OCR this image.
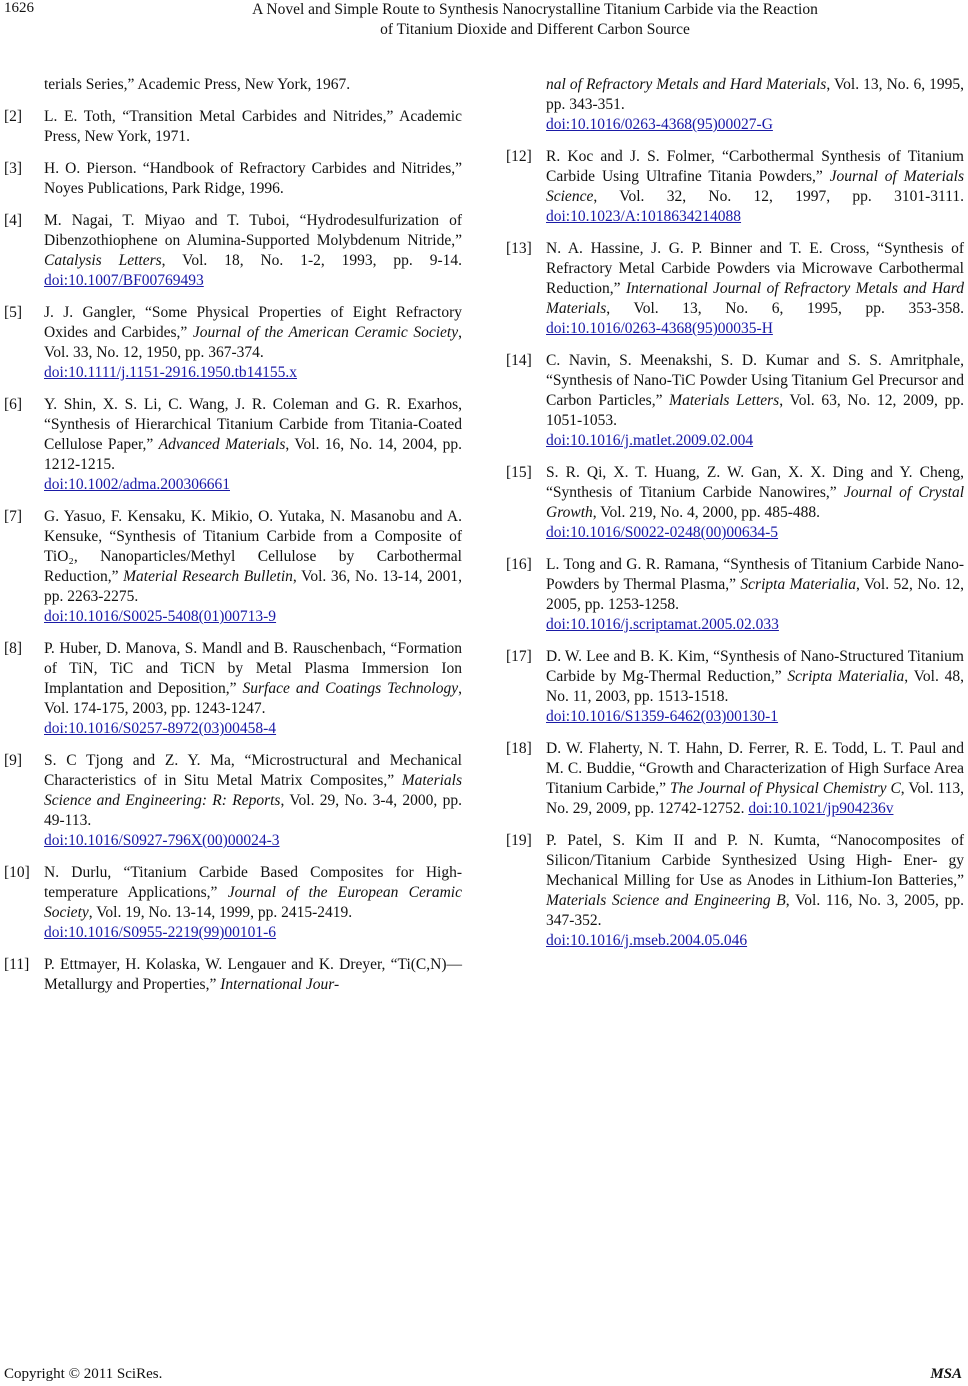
1626	A Novel and Simple Route to Synthesis Nanocrystalline Titanium Carbide via the Reaction
of Titanium Dioxide and Different Carbon Source
terials Series,” Academic Press, New York, 1967.
[2] L. E. Toth, “Transition Metal Carbides and Nitrides,” Academic Press, New York, 1971.
[3] H. O. Pierson. “Handbook of Refractory Carbides and Nitrides,” Noyes Publications, Park Ridge, 1996.
[4] M. Nagai, T. Miyao and T. Tuboi, “Hydrodesulfurization of Dibenzothiophene on Alumina-Supported Molybdenum Nitride,” Catalysis Letters, Vol. 18, No. 1-2, 1993, pp. 9-14. doi:10.1007/BF00769493
[5] J. J. Gangler, “Some Physical Properties of Eight Refractory Oxides and Carbides,” Journal of the American Ceramic Society, Vol. 33, No. 12, 1950, pp. 367-374.
doi:10.1111/j.1151-2916.1950.tb14155.x
[6] Y. Shin, X. S. Li, C. Wang, J. R. Coleman and G. R. Exarhos, “Synthesis of Hierarchical Titanium Carbide from Titania-Coated Cellulose Paper,” Advanced Materials, Vol. 16, No. 14, 2004, pp. 1212-1215.
doi:10.1002/adma.200306661
[7] G. Yasuo, F. Kensaku, K. Mikio, O. Yutaka, N. Masanobu and A. Kensuke, “Synthesis of Titanium Carbide from a Composite of TiO₂, Nanoparticles/Methyl Cellulose by Carbothermal Reduction,” Material Research Bulletin, Vol. 36, No. 13-14, 2001, pp. 2263-2275.
doi:10.1016/S0025-5408(01)00713-9
[8] P. Huber, D. Manova, S. Mandl and B. Rauschenbach, “Formation of TiN, TiC and TiCN by Metal Plasma Immersion Ion Implantation and Deposition,” Surface and Coatings Technology, Vol. 174-175, 2003, pp. 1243-1247.
doi:10.1016/S0257-8972(03)00458-4
[9] S. C Tjong and Z. Y. Ma, “Microstructural and Mechanical Characteristics of in Situ Metal Matrix Composites,” Materials Science and Engineering: R: Reports, Vol. 29, No. 3-4, 2000, pp. 49-113.
doi:10.1016/S0927-796X(00)00024-3
[10] N. Durlu, “Titanium Carbide Based Composites for High-temperature Applications,” Journal of the European Ceramic Society, Vol. 19, No. 13-14, 1999, pp. 2415-2419.
doi:10.1016/S0955-2219(99)00101-6
[11] P. Ettmayer, H. Kolaska, W. Lengauer and K. Dreyer, “Ti(C,N)—Metallurgy and Properties,” International Jour-
nal of Refractory Metals and Hard Materials, Vol. 13, No. 6, 1995, pp. 343-351.
doi:10.1016/0263-4368(95)00027-G
[12] R. Koc and J. S. Folmer, “Carbothermal Synthesis of Titanium Carbide Using Ultrafine Titania Powders,” Journal of Materials Science, Vol. 32, No. 12, 1997, pp. 3101-3111. doi:10.1023/A:1018634214088
[13] N. A. Hassine, J. G. P. Binner and T. E. Cross, “Synthesis of Refractory Metal Carbide Powders via Microwave Carbothermal Reduction,” International Journal of Refractory Metals and Hard Materials, Vol. 13, No. 6, 1995, pp. 353-358. doi:10.1016/0263-4368(95)00035-H
[14] C. Navin, S. Meenakshi, S. D. Kumar and S. S. Amritphale, “Synthesis of Nano-TiC Powder Using Titanium Gel Precursor and Carbon Particles,” Materials Letters, Vol. 63, No. 12, 2009, pp. 1051-1053.
doi:10.1016/j.matlet.2009.02.004
[15] S. R. Qi, X. T. Huang, Z. W. Gan, X. X. Ding and Y. Cheng, “Synthesis of Titanium Carbide Nanowires,” Journal of Crystal Growth, Vol. 219, No. 4, 2000, pp. 485-488.
doi:10.1016/S0022-0248(00)00634-5
[16] L. Tong and G. R. Ramana, “Synthesis of Titanium Carbide Nano-Powders by Thermal Plasma,” Scripta Materialia, Vol. 52, No. 12, 2005, pp. 1253-1258.
doi:10.1016/j.scriptamat.2005.02.033
[17] D. W. Lee and B. K. Kim, “Synthesis of Nano-Structured Titanium Carbide by Mg-Thermal Reduction,” Scripta Materialia, Vol. 48, No. 11, 2003, pp. 1513-1518.
doi:10.1016/S1359-6462(03)00130-1
[18] D. W. Flaherty, N. T. Hahn, D. Ferrer, R. E. Todd, L. T. Paul and M. C. Buddie, “Growth and Characterization of High Surface Area Titanium Carbide,” The Journal of Physical Chemistry C, Vol. 113, No. 29, 2009, pp. 12742-12752. doi:10.1021/jp904236v
[19] P. Patel, S. Kim II and P. N. Kumta, “Nanocomposites of Silicon/Titanium Carbide Synthesized Using High- Ener- gy Mechanical Milling for Use as Anodes in Lithium-Ion Batteries,” Materials Science and Engineering B, Vol. 116, No. 3, 2005, pp. 347-352.
doi:10.1016/j.mseb.2004.05.046
Copyright © 2011 SciRes.	MSA
